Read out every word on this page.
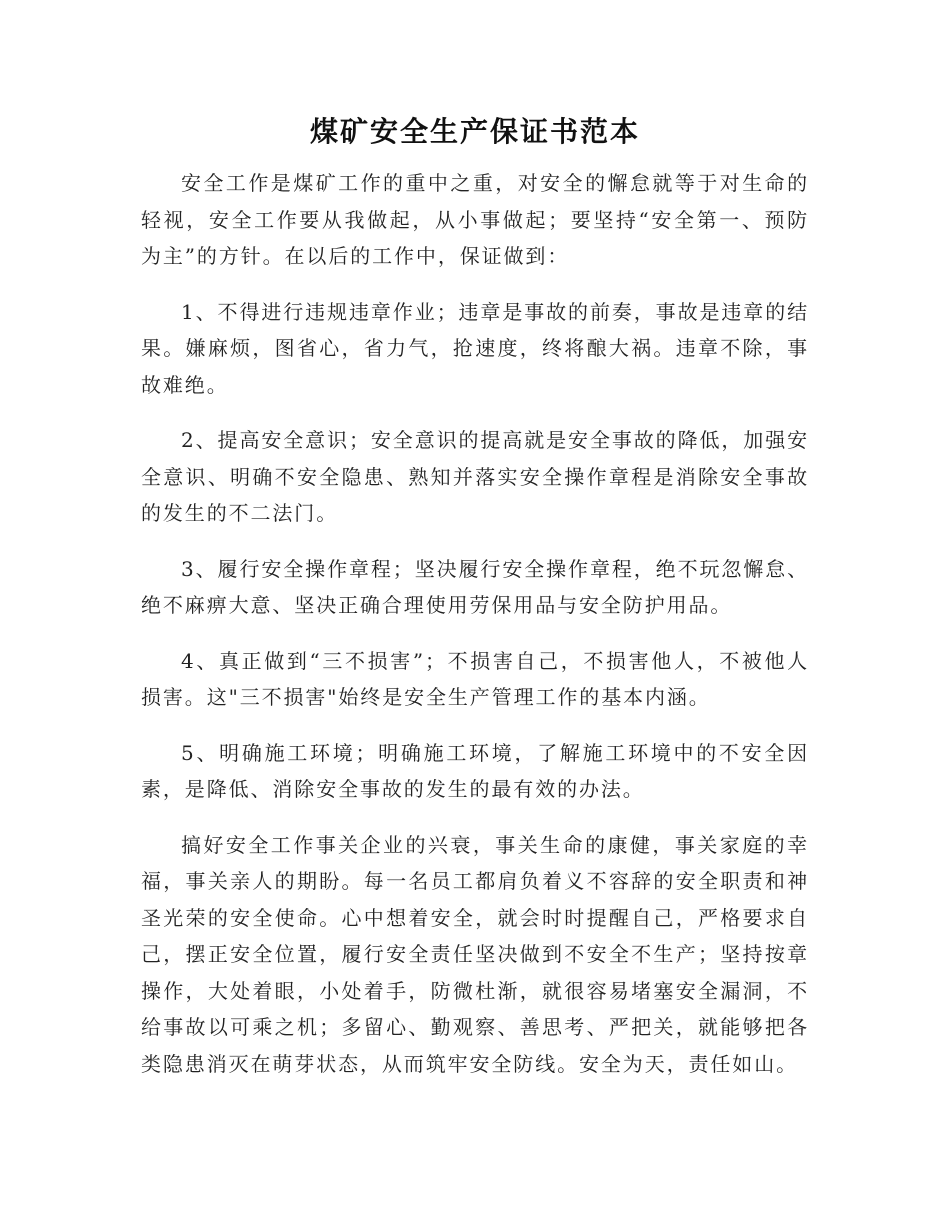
煤矿安全生产保证书范本

安全工作是煤矿工作的重中之重，对安全的懈怠就等于对生命的轻视，安全工作要从我做起，从小事做起；要坚持“安全第一、预防为主”的方针。在以后的工作中，保证做到：

1、不得进行违规违章作业；违章是事故的前奏，事故是违章的结果。嫌麻烦，图省心，省力气，抢速度，终将酿大祸。违章不除，事故难绝。

2、提高安全意识；安全意识的提高就是安全事故的降低，加强安全意识、明确不安全隐患、熟知并落实安全操作章程是消除安全事故的发生的不二法门。

3、履行安全操作章程；坚决履行安全操作章程，绝不玩忽懈怠、绝不麻痹大意、坚决正确合理使用劳保用品与安全防护用品。

4、真正做到“三不损害”；不损害自己，不损害他人，不被他人损害。这"三不损害"始终是安全生产管理工作的基本内涵。

5、明确施工环境；明确施工环境，了解施工环境中的不安全因素，是降低、消除安全事故的发生的最有效的办法。

搞好安全工作事关企业的兴衰，事关生命的康健，事关家庭的幸福，事关亲人的期盼。每一名员工都肩负着义不容辞的安全职责和神圣光荣的安全使命。心中想着安全，就会时时提醒自己，严格要求自己，摆正安全位置，履行安全责任坚决做到不安全不生产；坚持按章操作，大处着眼，小处着手，防微杜渐，就很容易堵塞安全漏洞，不给事故以可乘之机；多留心、勤观察、善思考、严把关，就能够把各类隐患消灭在萌芽状态，从而筑牢安全防线。安全为天，责任如山。
